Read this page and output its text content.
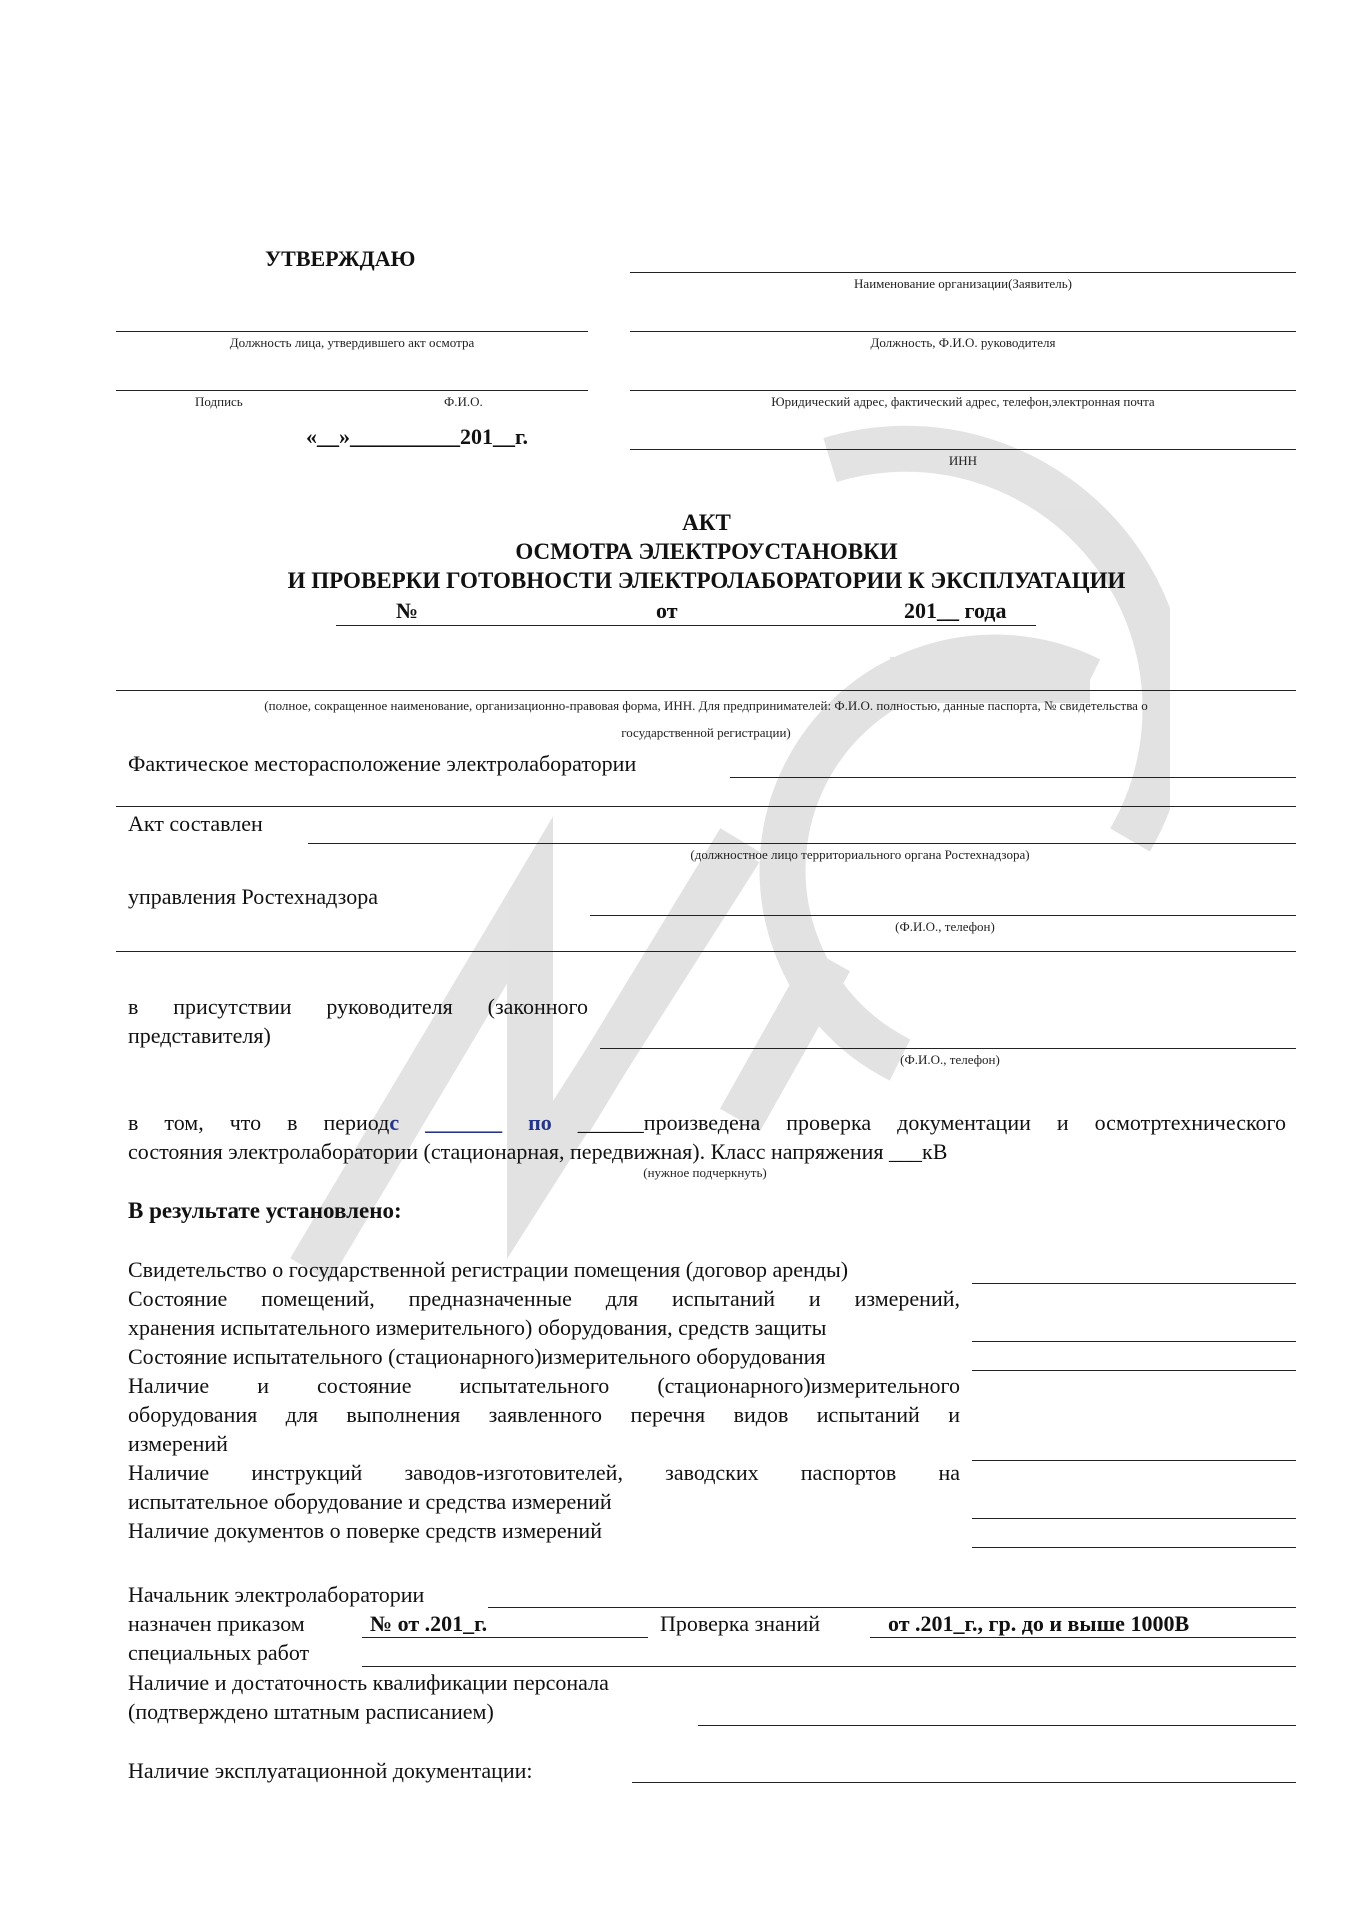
УТВЕРЖДАЮ
Наименование организации(Заявитель)
Должность лица, утвердившего акт осмотра	Должность, Ф.И.О. руководителя
Подпись	Ф.И.О.	Юридический адрес, фактический адрес, телефон,электронная почта
«__»__________201__г.
ИНН
АКТ
ОСМОТРА ЭЛЕКТРОУСТАНОВКИ
И ПРОВЕРКИ ГОТОВНОСТИ ЭЛЕКТРОЛАБОРАТОРИИ К ЭКСПЛУАТАЦИИ
№	от	201__ года
(полное, сокращенное наименование, организационно-правовая форма, ИНН. Для предпринимателей: Ф.И.О. полностью, данные паспорта, № свидетельства о
государственной регистрации)
Фактическое месторасположение электролаборатории
Акт составлен
(должностное лицо территориального органа Ростехнадзора)
управления Ростехнадзора
(Ф.И.О., телефон)
в присутствии руководителя (законного
представителя)
(Ф.И.О., телефон)
в том, что в периодс _______ по ______произведена проверка документации и осмотртехнического
состояния электролаборатории (стационарная, передвижная). Класс напряжения ___кВ
(нужное подчеркнуть)
В результате установлено:
Свидетельство о государственной регистрации помещения (договор аренды)
Состояние помещений, предназначенные для испытаний и измерений,
хранения испытательного измерительного) оборудования, средств защиты
Состояние испытательного (стационарного)измерительного оборудования
Наличие и состояние испытательного (стационарного)измерительного
оборудования для выполнения заявленного перечня видов испытаний и
измерений
Наличие инструкций заводов-изготовителей, заводских паспортов на
испытательное оборудование и средства измерений
Наличие документов о поверке средств измерений
Начальник электролаборатории
назначен приказом	№ от .201_г.	Проверка знаний	от .201_г., гр. до и выше 1000В
специальных работ
Наличие и достаточность квалификации персонала
(подтверждено штатным расписанием)
Наличие эксплуатационной документации:
